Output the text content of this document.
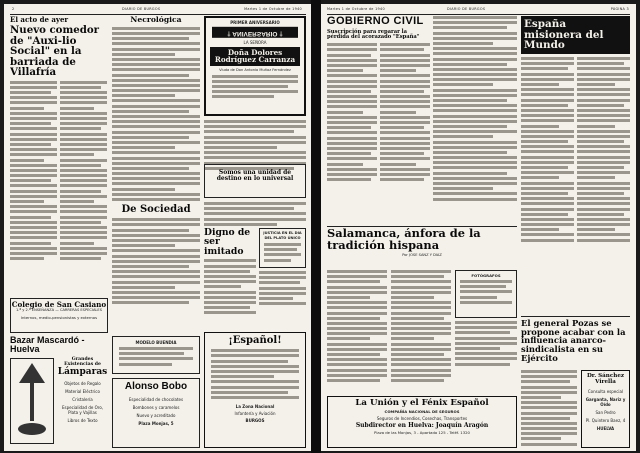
2	DIARIO DE BURGOS	Martes 1 de Octubre de 1940
El acto de ayer
Nuevo comedor de "Auxi-lio Social" en la barriada de Villafría
Colegio de San Casiano
1.ª y 2.ª ENSEÑANZA — CARRERAS ESPECIALES
Internos, medio-pensionistas y externos
Bazar Mascardó - Huelva
Grandes Existencias de
Lámparas
Objetos de Regalo
Material Eléctrico
Cristalería
Especialidad de Oro, Plata y Vajillas
Libros de Texto
Necrológica
De Sociedad
MODELO BUENDIA
Alonso Bobo
Especialidad de chocolates
Bombones y caramelos
Nuevo y acreditado
Plaza Monjas, 5
PRIMER ANIVERSARIO
† ANIVERSARIO †
LA SEÑORA
Doña Dolores Rodríguez Carranza
Viuda de Don Antonio Muñoz Fernández
Somos una unidad de destino en lo universal
Digno de ser imitado
JUSTICIA EN EL DIA DEL PLATO ÚNICO
¡Español!
La Zona Nacional
Infantería y Aviación
BURGOS
Martes 1 de Octubre de 1940	DIARIO DE BURGOS	PÁGINA 3
GOBIERNO CIVIL
Suscripción para reparar la pérdida del acorazado "España"
Salamanca, ánfora de la tradición hispana
Por JOSE SANZ Y DIAZ
FOTÓGRAFOS
La Unión y el Fénix Español
COMPAÑÍA NACIONAL DE SEGUROS
Seguros de Incendios, Cosechas, Transportes
Subdirector en Huelva: Joaquín Aragón
Plaza de las Monjas, 3 - Apartado 125 - Teléf. 1320
España misionera del Mundo
El general Pozas se propone acabar con la influencia anarco-sindicalista en su Ejército
Dr. Sánchez Virella
Consulta especial
Garganta, Nariz y Oído
San Pedro
Pl. Quintero Baez, 4
HUELVA
